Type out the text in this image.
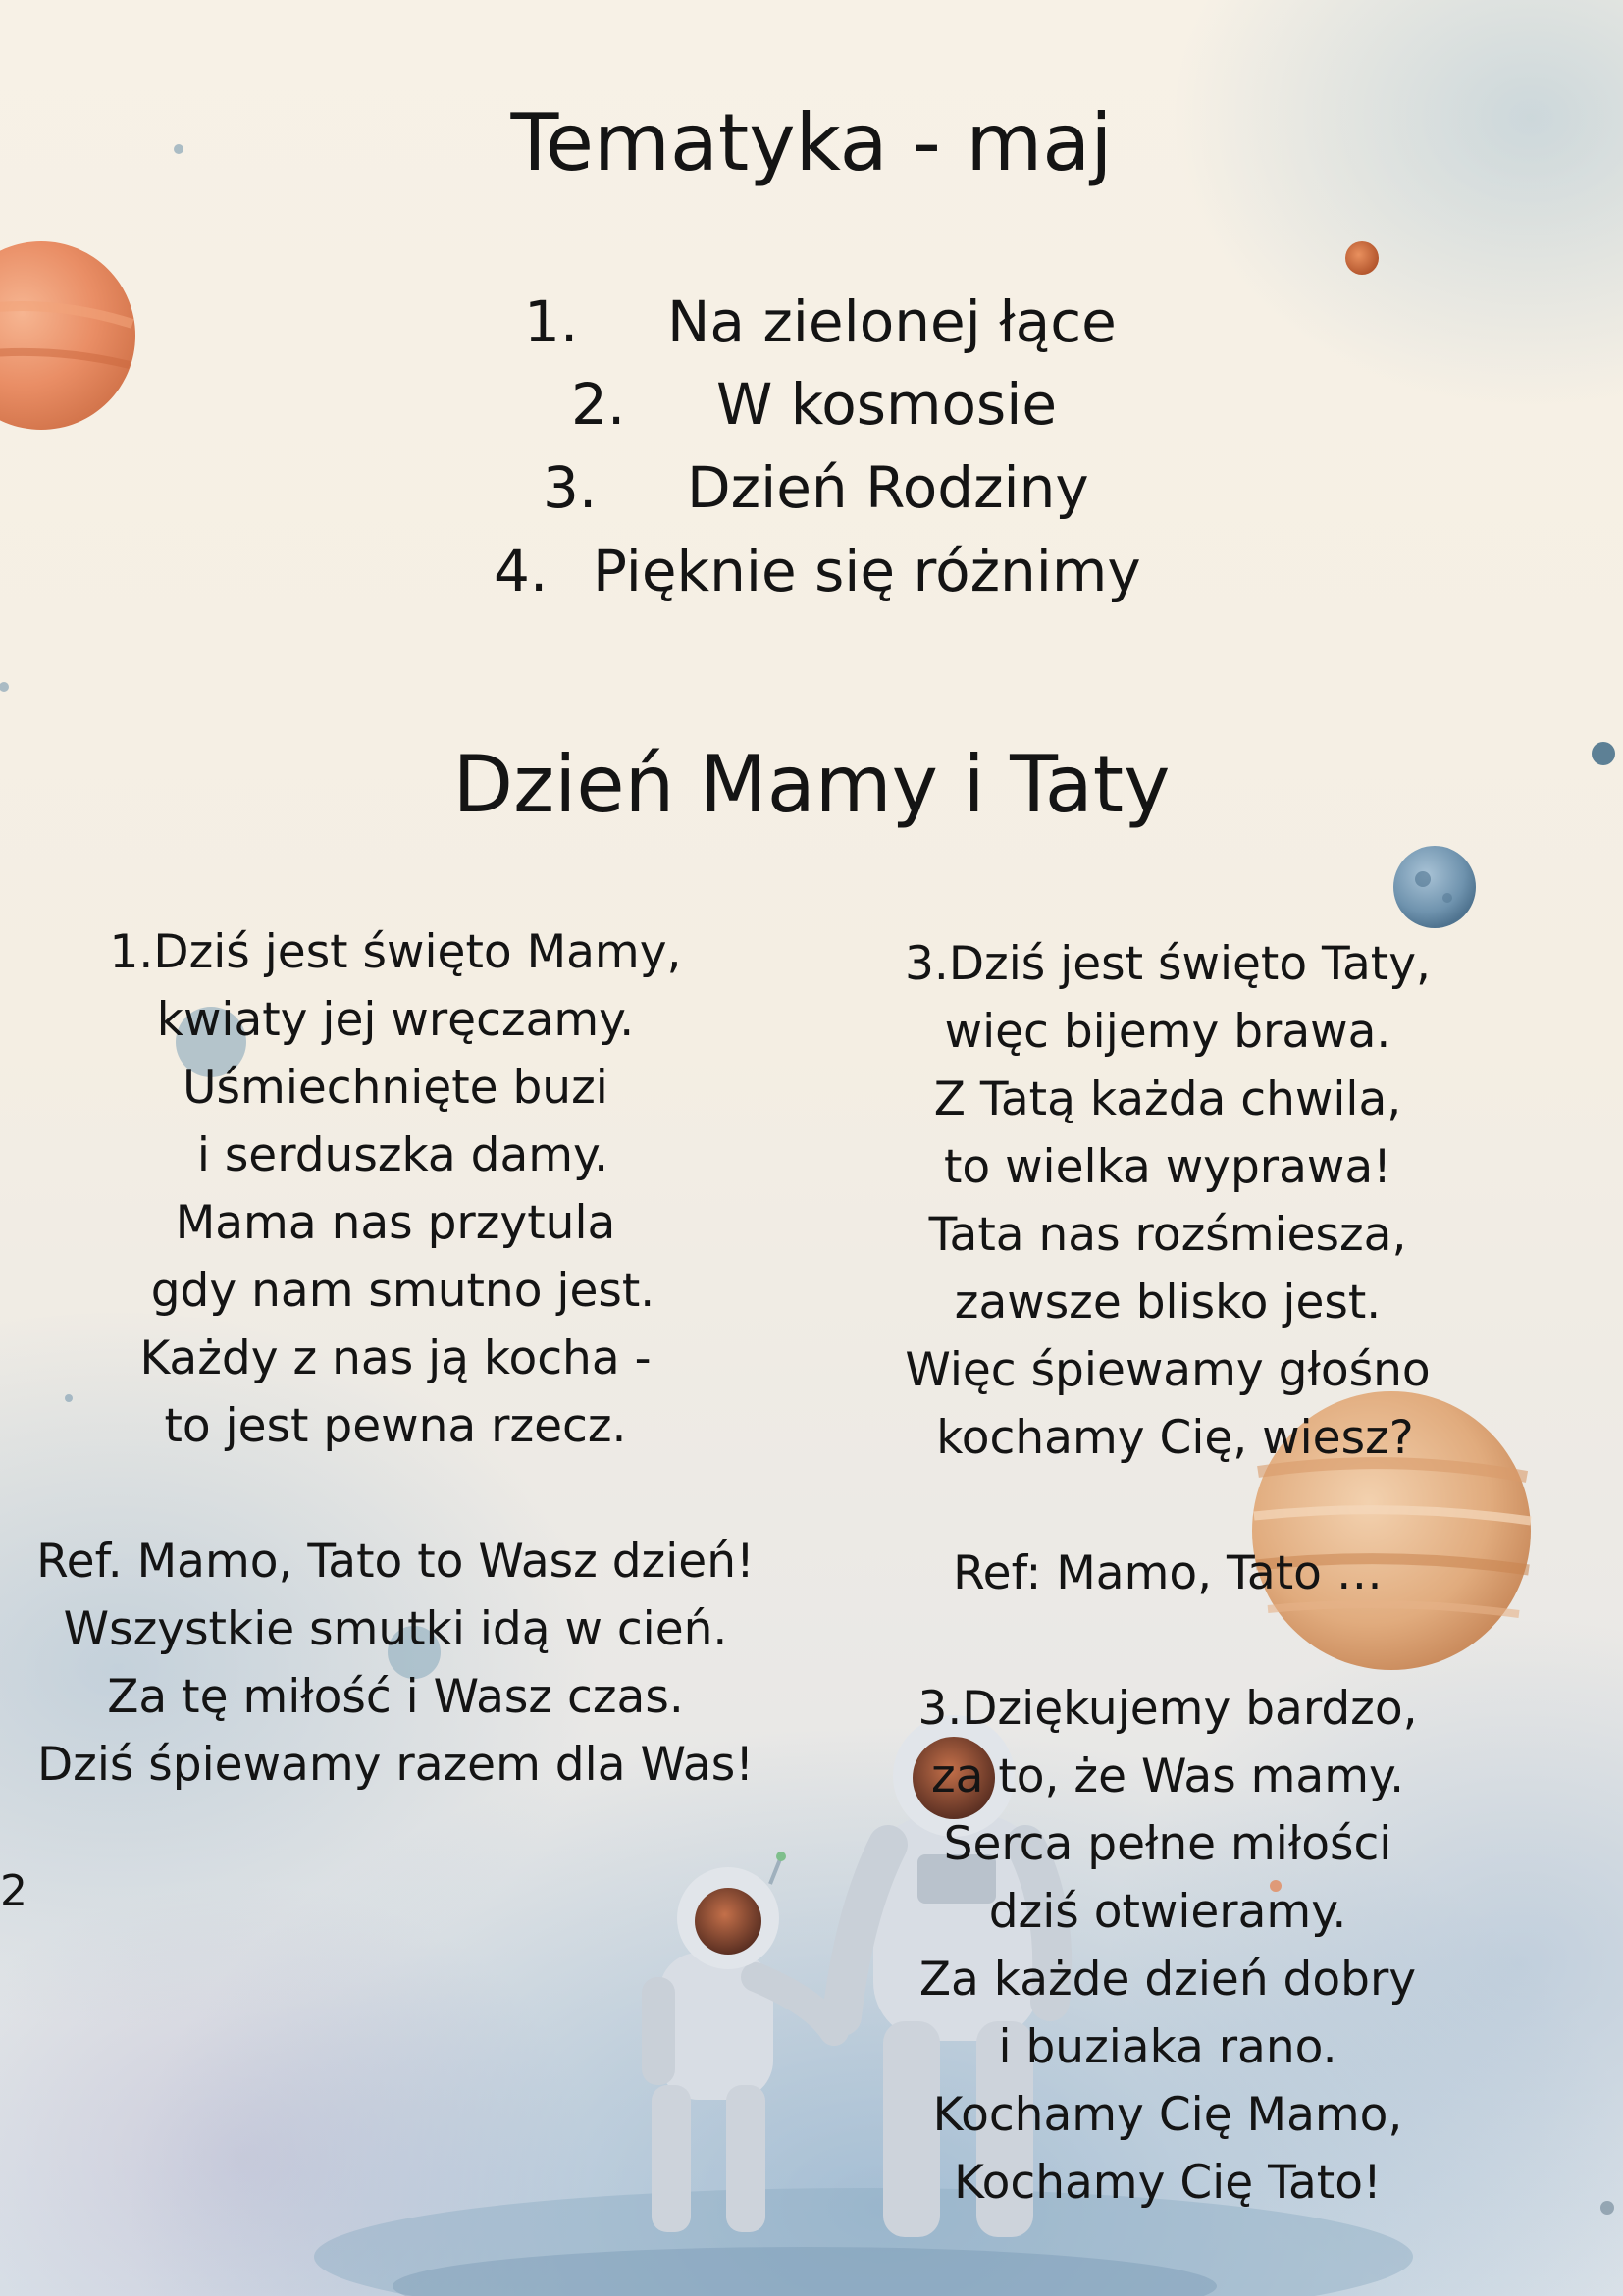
Tematyka - maj
1. Na zielonej łące
2. W kosmosie
3. Dzień Rodziny
4. Pięknie się różnimy
Dzień Mamy i Taty
1.Dziś jest święto Mamy,
kwiaty jej wręczamy.
Uśmiechnięte buzi
i serduszka damy.
Mama nas przytula
gdy nam smutno jest.
Każdy z nas ją kocha -
to jest pewna rzecz.

Ref. Mamo, Tato to Wasz dzień!
Wszystkie smutki idą w cień.
Za tę miłość i Wasz czas.
Dziś śpiewamy razem dla Was!
3.Dziś jest święto Taty,
więc bijemy brawa.
Z Tatą każda chwila,
to wielka wyprawa!
Tata nas rozśmiesza,
zawsze blisko jest.
Więc śpiewamy głośno
kochamy Cię, wiesz?

Ref: Mamo, Tato …

3.Dziękujemy bardzo,
za to, że Was mamy.
Serca pełne miłości
dziś otwieramy.
Za każde dzień dobry
i buziaka rano.
Kochamy Cię Mamo,
Kochamy Cię Tato!
2
